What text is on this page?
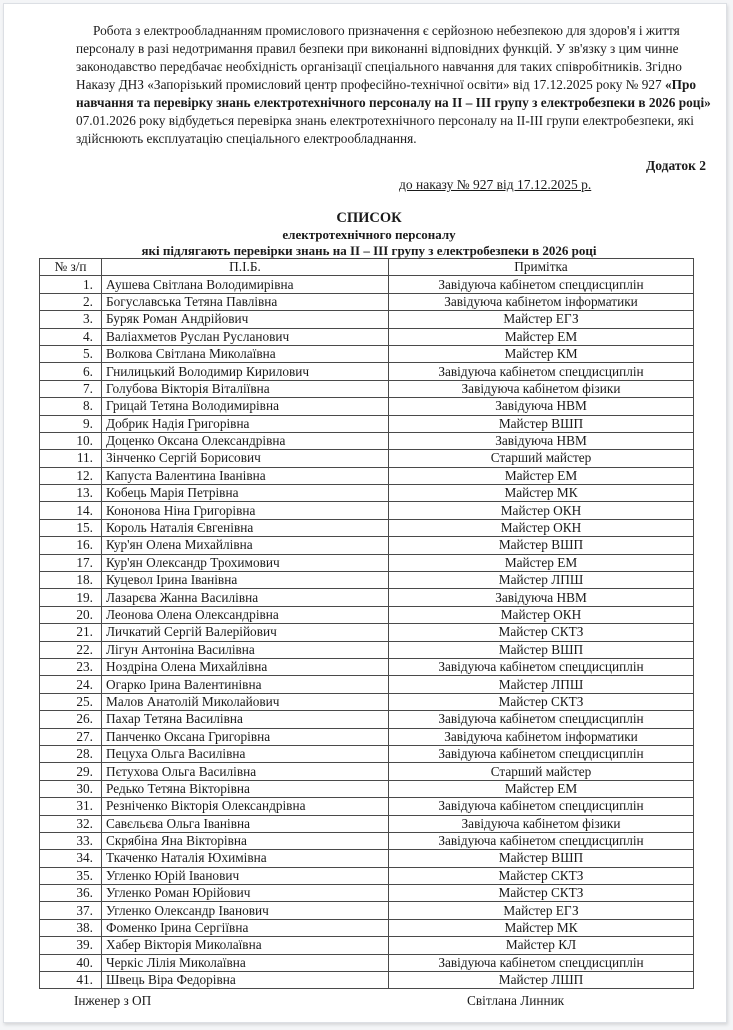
Робота з електрообладнанням промислового призначення є серйозною небезпекою для здоров'я і життя персоналу в разі недотримання правил безпеки при виконанні відповідних функцій. У зв'язку з цим чинне законодавство передбачає необхідність організації спеціального навчання для таких співробітників. Згідно Наказу ДНЗ «Запорізький промисловий центр професійно-технічної освіти» від 17.12.2025 року № 927 «Про навчання та перевірку знань електротехнічного персоналу на ІІ – ІІІ групу з електробезпеки в 2026 році» 07.01.2026 року відбудеться перевірка знань електротехнічного персоналу на ІІ-ІІІ групи електробезпеки, які здійснюють експлуатацію спеціального електрообладнання.

Додаток 2
до наказу № 927 від 17.12.2025 р.
СПИСОК
електротехнічного персоналу
які підлягають перевірки знань на ІІ – ІІІ групу з електробезпеки в 2026 році
№ з/п	П.І.Б.	Примітка
1.	Аушева Світлана Володимирівна	Завідуюча кабінетом спецдисциплін
2.	Богуславська Тетяна Павлівна	Завідуюча кабінетом інформатики
3.	Буряк Роман Андрійович	Майстер ЕГЗ
4.	Валіахметов Руслан Русланович	Майстер ЕМ
5.	Волкова Світлана Миколаївна	Майстер КМ
6.	Гнилицький Володимир Кирилович	Завідуюча кабінетом спецдисциплін
7.	Голубова Вікторія Віталіївна	Завідуюча кабінетом фізики
8.	Грицай Тетяна Володимирівна	Завідуюча НВМ
9.	Добрик Надія Григорівна	Майстер ВШП
10.	Доценко Оксана Олександрівна	Завідуюча НВМ
11.	Зінченко Сергій Борисович	Старший майстер
12.	Капуста Валентина Іванівна	Майстер ЕМ
13.	Кобець Марія Петрівна	Майстер МК
14.	Кононова Ніна Григорівна	Майстер ОКН
15.	Король Наталія Євгенівна	Майстер ОКН
16.	Кур'ян Олена Михайлівна	Майстер ВШП
17.	Кур'ян Олександр Трохимович	Майстер ЕМ
18.	Куцевол Ірина Іванівна	Майстер ЛПШ
19.	Лазарєва Жанна Василівна	Завідуюча НВМ
20.	Леонова Олена Олександрівна	Майстер ОКН
21.	Личкатий Сергій Валерійович	Майстер СКТЗ
22.	Лігун Антоніна Василівна	Майстер ВШП
23.	Ноздріна Олена Михайлівна	Завідуюча кабінетом спецдисциплін
24.	Огарко Ірина Валентинівна	Майстер ЛПШ
25.	Малов Анатолій Миколайович	Майстер СКТЗ
26.	Пахар Тетяна Василівна	Завідуюча кабінетом спецдисциплін
27.	Панченко Оксана Григорівна	Завідуюча кабінетом інформатики
28.	Пецуха Ольга Василівна	Завідуюча кабінетом спецдисциплін
29.	Пєтухова Ольга Василівна	Старший майстер
30.	Редько Тетяна Вікторівна	Майстер ЕМ
31.	Резніченко Вікторія Олександрівна	Завідуюча кабінетом спецдисциплін
32.	Савєльєва Ольга Іванівна	Завідуюча кабінетом фізики
33.	Скрябіна Яна Вікторівна	Завідуюча кабінетом спецдисциплін
34.	Ткаченко Наталія Юхимівна	Майстер ВШП
35.	Угленко Юрій Іванович	Майстер СКТЗ
36.	Угленко Роман Юрійович	Майстер СКТЗ
37.	Угленко Олександр Іванович	Майстер ЕГЗ
38.	Фоменко Ірина Сергіївна	Майстер МК
39.	Хабер Вікторія Миколаївна	Майстер КЛ
40.	Черкіс Лілія Миколаївна	Завідуюча кабінетом спецдисциплін
41.	Швець Віра Федорівна	Майстер ЛШП
Інженер з ОП	Світлана Линник
